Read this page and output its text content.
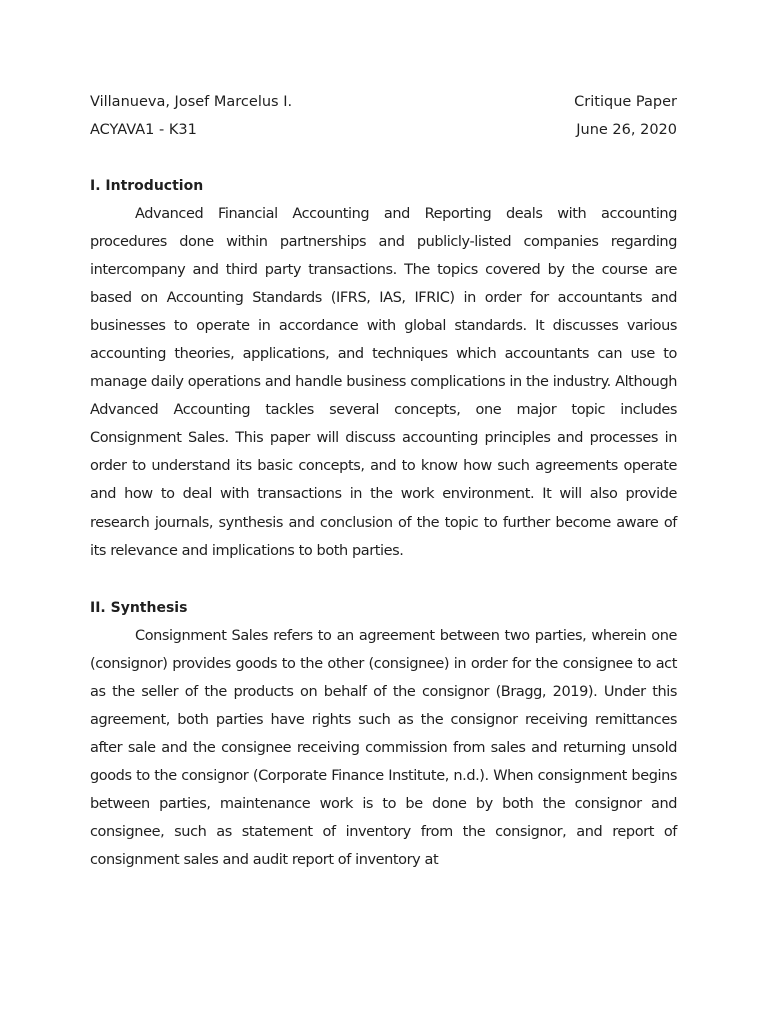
Villanueva, Josef Marcelus I.	Critique Paper
ACYAVA1 - K31	June 26, 2020
I. Introduction

Advanced Financial Accounting and Reporting deals with accounting procedures done within partnerships and publicly-listed companies regarding intercompany and third party transactions. The topics covered by the course are based on Accounting Standards (IFRS, IAS, IFRIC) in order for accountants and businesses to operate in accordance with global standards. It discusses various accounting theories, applications, and techniques which accountants can use to manage daily operations and handle business complications in the industry. Although Advanced Accounting tackles several concepts, one major topic includes Consignment Sales. This paper will discuss accounting principles and processes in order to understand its basic concepts, and to know how such agreements operate and how to deal with transactions in the work environment. It will also provide research journals, synthesis and conclusion of the topic to further become aware of its relevance and implications to both parties.

II. Synthesis

Consignment Sales refers to an agreement between two parties, wherein one (consignor) provides goods to the other (consignee) in order for the consignee to act as the seller of the products on behalf of the consignor (Bragg, 2019). Under this agreement, both parties have rights such as the consignor receiving remittances after sale and the consignee receiving commission from sales and returning unsold goods to the consignor (Corporate Finance Institute, n.d.). When consignment begins between parties, maintenance work is to be done by both the consignor and consignee, such as statement of inventory from the consignor, and report of consignment sales and audit report of inventory at
